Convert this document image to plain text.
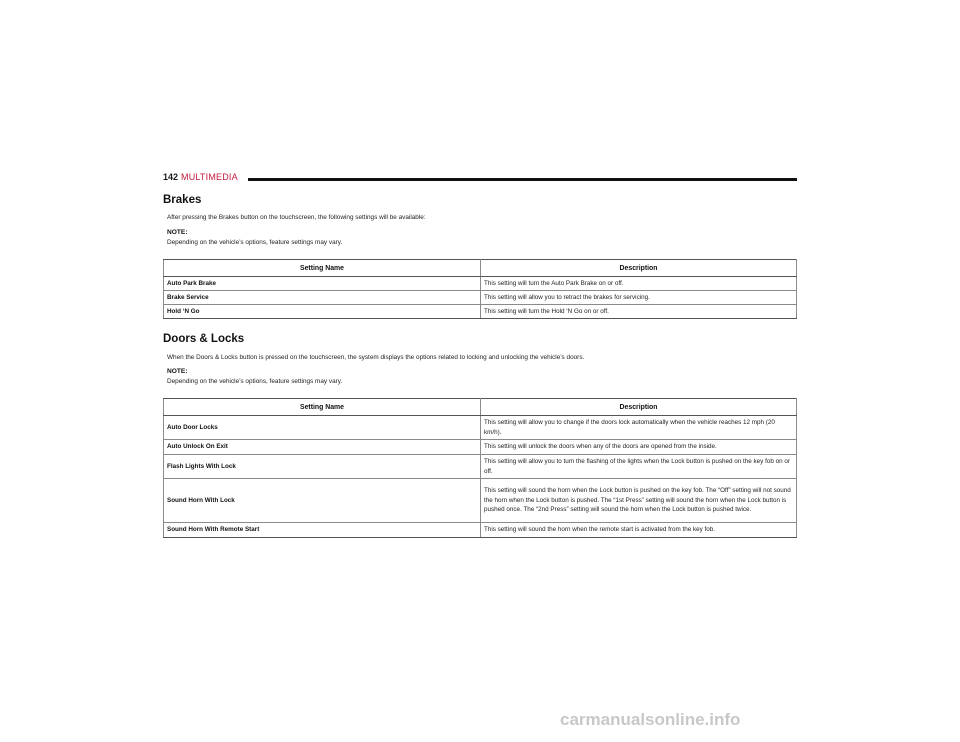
142 MULTIMEDIA
Brakes
After pressing the Brakes button on the touchscreen, the following settings will be available:
NOTE:
Depending on the vehicle’s options, feature settings may vary.
Setting Name	Description
Auto Park Brake	This setting will turn the Auto Park Brake on or off.
Brake Service	This setting will allow you to retract the brakes for servicing.
Hold ‘N Go	This setting will turn the Hold ‘N Go on or off.
Doors & Locks
When the Doors & Locks button is pressed on the touchscreen, the system displays the options related to locking and unlocking the vehicle’s doors.
NOTE:
Depending on the vehicle’s options, feature settings may vary.
Setting Name	Description
Auto Door Locks	This setting will allow you to change if the doors lock automatically when the vehicle reaches 12 mph (20 km/h).
Auto Unlock On Exit	This setting will unlock the doors when any of the doors are opened from the inside.
Flash Lights With Lock	This setting will allow you to turn the flashing of the lights when the Lock button is pushed on the key fob on or off.
Sound Horn With Lock	This setting will sound the horn when the Lock button is pushed on the key fob. The “Off” setting will not sound the horn when the Lock button is pushed. The “1st Press” setting will sound the horn when the Lock button is pushed once. The “2nd Press” setting will sound the horn when the Lock button is pushed twice.
Sound Horn With Remote Start	This setting will sound the horn when the remote start is activated from the key fob.
carmanualsonline.info
